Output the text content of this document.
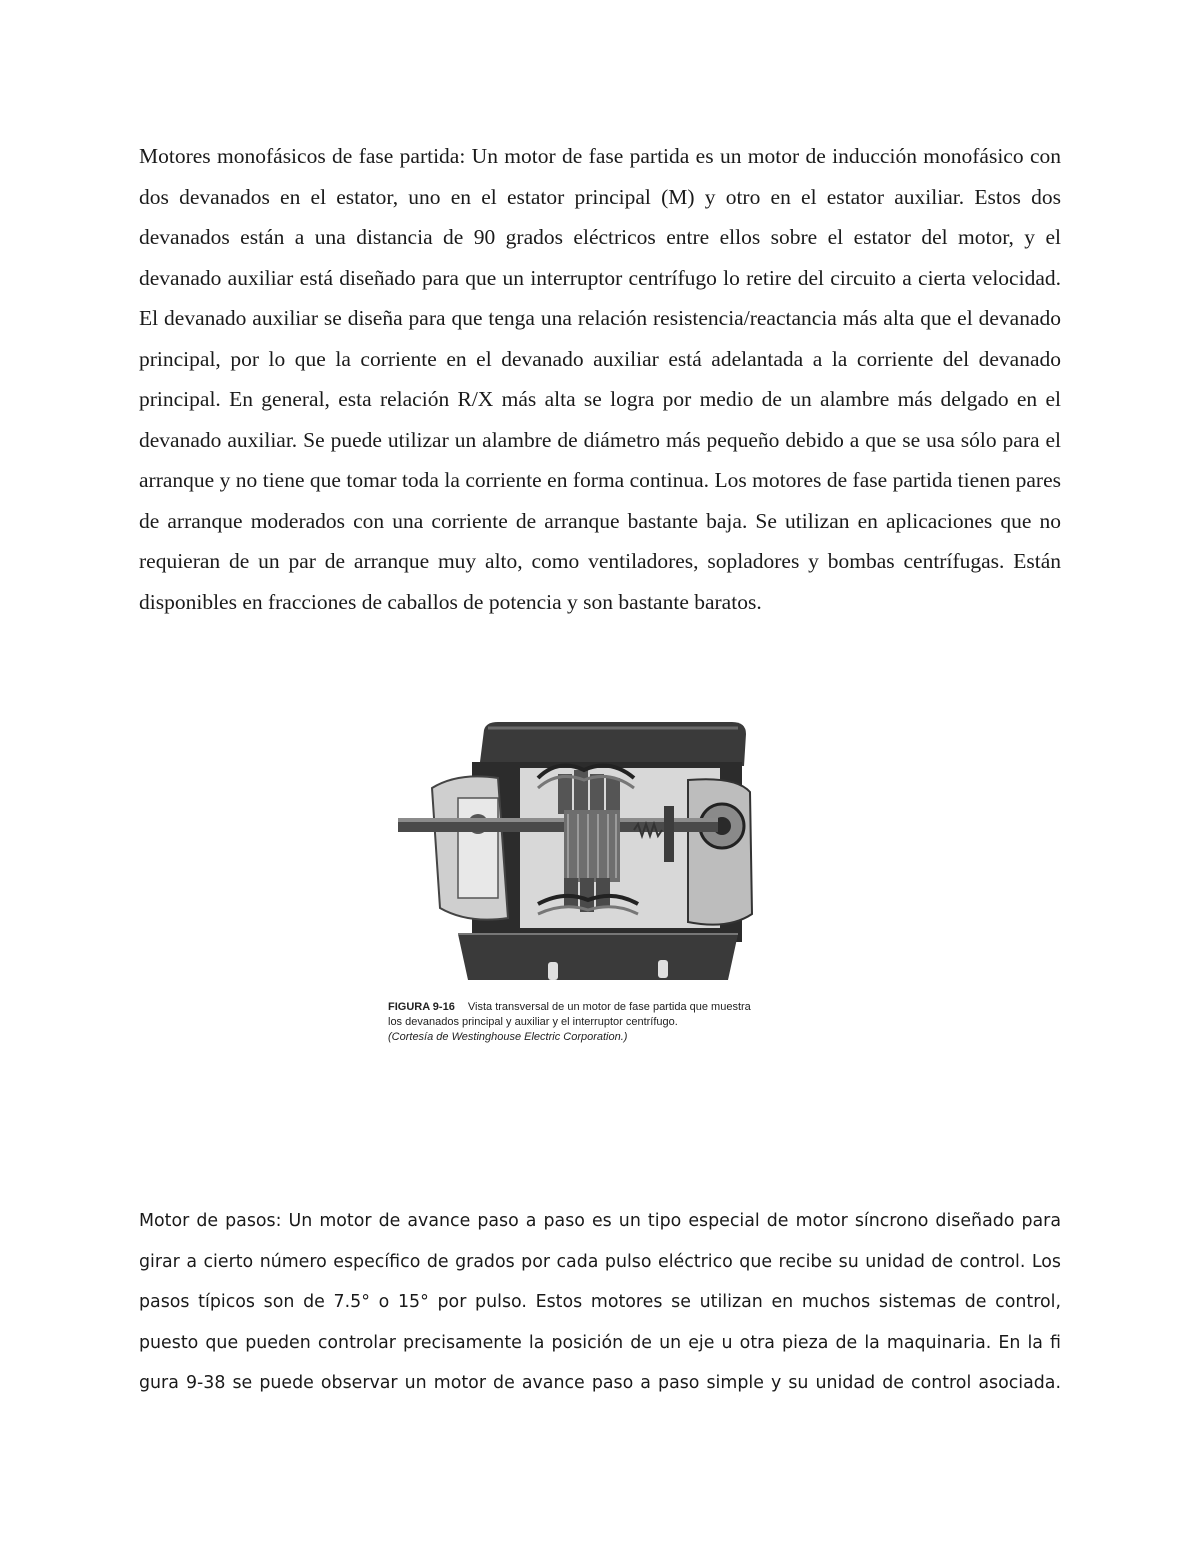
Motores monofásicos de fase partida: Un motor de fase partida es un motor de inducción monofásico con dos devanados en el estator, uno en el estator principal (M) y otro en el estator auxiliar. Estos dos devanados están a una distancia de 90 grados eléctricos entre ellos sobre el estator del motor, y el devanado auxiliar está diseñado para que un interruptor centrífugo lo retire del circuito a cierta velocidad. El devanado auxiliar se diseña para que tenga una relación resistencia/reactancia más alta que el devanado principal, por lo que la corriente en el devanado auxiliar está adelantada a la corriente del devanado principal. En general, esta relación R/X más alta se logra por medio de un alambre más delgado en el devanado auxiliar. Se puede utilizar un alambre de diámetro más pequeño debido a que se usa sólo para el arranque y no tiene que tomar toda la corriente en forma continua. Los motores de fase partida tienen pares de arranque moderados con una corriente de arranque bastante baja. Se utilizan en aplicaciones que no requieran de un par de arranque muy alto, como ventiladores, sopladores y bombas centrífugas. Están disponibles en fracciones de caballos de potencia y son bastante baratos.

FIGURA 9-16 Vista transversal de un motor de fase partida que muestra los devanados principal y auxiliar y el interruptor centrífugo.
(Cortesía de Westinghouse Electric Corporation.)

Motor de pasos: Un motor de avance paso a paso es un tipo especial de motor síncrono diseñado para girar a cierto número específico de grados por cada pulso eléctrico que recibe su unidad de control. Los pasos típicos son de 7.5° o 15° por pulso. Estos motores se utilizan en muchos sistemas de control, puesto que pueden controlar precisamente la posición de un eje u otra pieza de la maquinaria. En la fi gura 9-38 se puede observar un motor de avance paso a paso simple y su unidad de control asociada.
